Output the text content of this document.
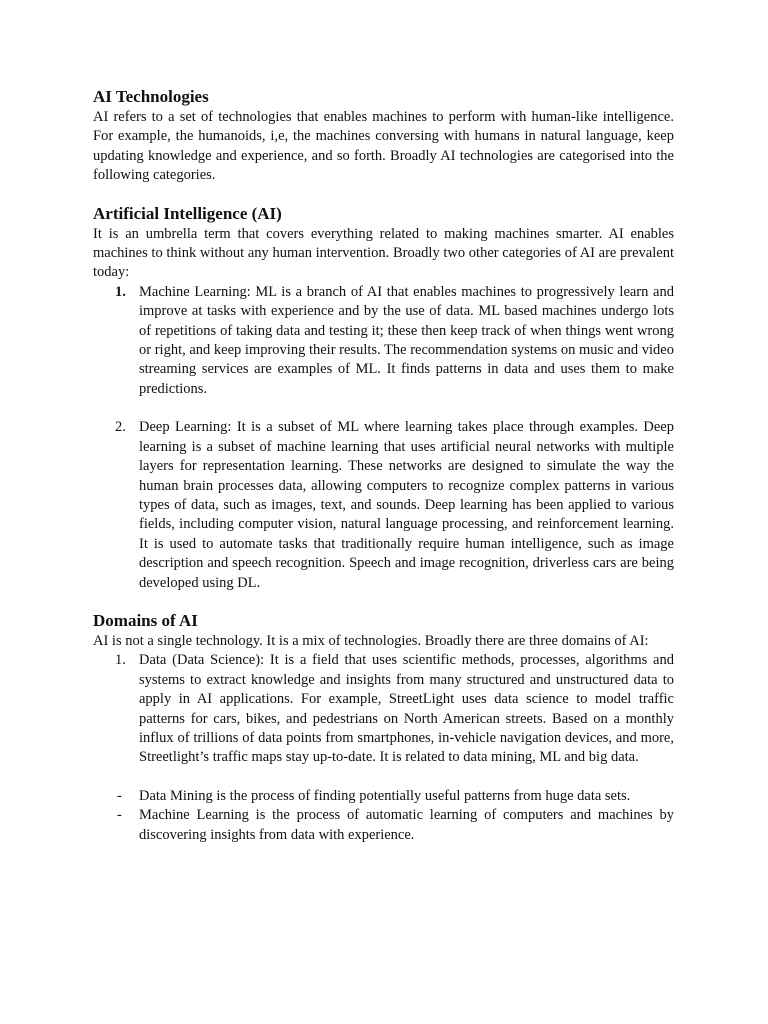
AI Technologies

AI refers to a set of technologies that enables machines to perform with human-like intelligence. For example, the humanoids, i,e, the machines conversing with humans in natural language, keep updating knowledge and experience, and so forth. Broadly AI technologies are categorised into the following categories.

Artificial Intelligence (AI)

It is an umbrella term that covers everything related to making machines smarter. AI enables machines to think without any human intervention. Broadly two other categories of AI are prevalent today:

1. Machine Learning: ML is a branch of AI that enables machines to progressively learn and improve at tasks with experience and by the use of data. ML based machines undergo lots of repetitions of taking data and testing it; these then keep track of when things went wrong or right, and keep improving their results. The recommendation systems on music and video streaming services are examples of ML. It finds patterns in data and uses them to make predictions.
2. Deep Learning: It is a subset of ML where learning takes place through examples. Deep learning is a subset of machine learning that uses artificial neural networks with multiple layers for representation learning. These networks are designed to simulate the way the human brain processes data, allowing computers to recognize complex patterns in various types of data, such as images, text, and sounds. Deep learning has been applied to various fields, including computer vision, natural language processing, and reinforcement learning. It is used to automate tasks that traditionally require human intelligence, such as image description and speech recognition. Speech and image recognition, driverless cars are being developed using DL.
Domains of AI

AI is not a single technology. It is a mix of technologies. Broadly there are three domains of AI:

1. Data (Data Science): It is a field that uses scientific methods, processes, algorithms and systems to extract knowledge and insights from many structured and unstructured data to apply in AI applications. For example, StreetLight uses data science to model traffic patterns for cars, bikes, and pedestrians on North American streets. Based on a monthly influx of trillions of data points from smartphones, in-vehicle navigation devices, and more, Streetlight’s traffic maps stay up-to-date. It is related to data mining, ML and big data.
-	Data Mining is the process of finding potentially useful patterns from huge data sets.
-	Machine Learning is the process of automatic learning of computers and machines by discovering insights from data with experience.
